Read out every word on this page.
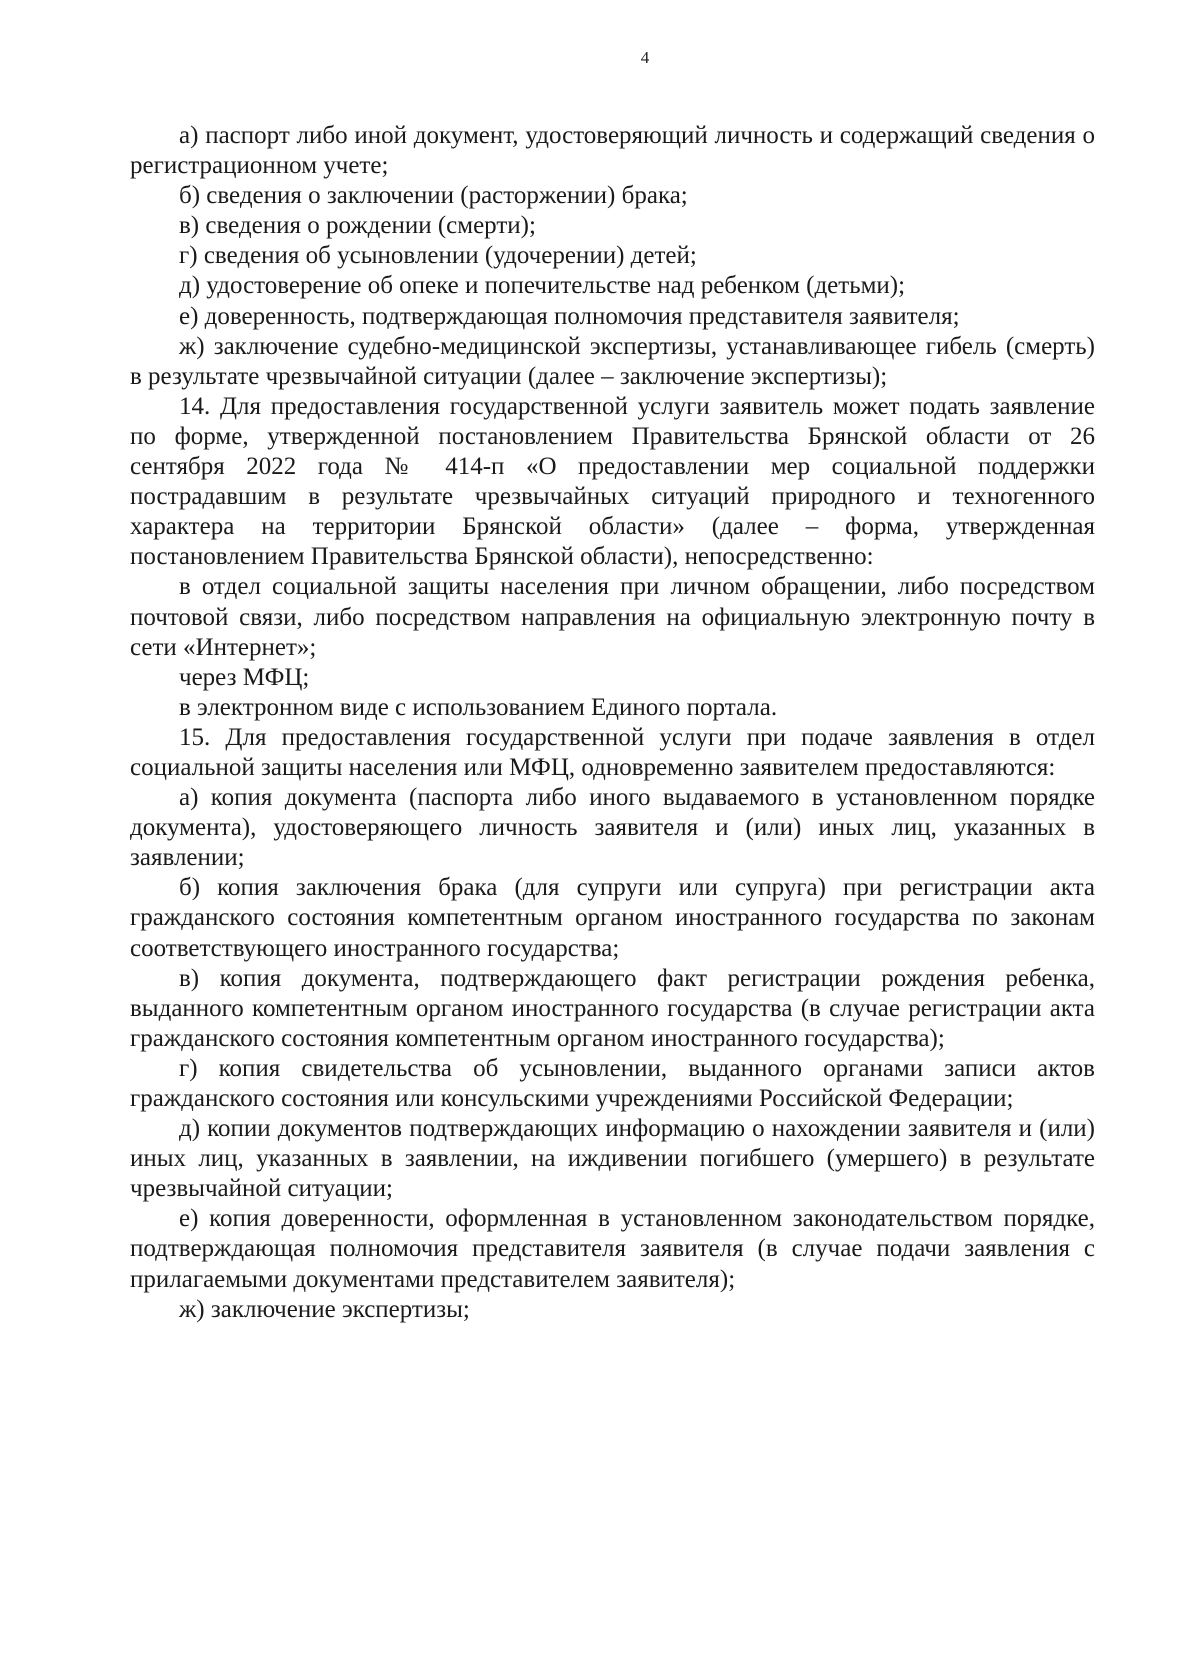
4

а) паспорт либо иной документ, удостоверяющий личность и содержащий сведения о регистрационном учете;

б) сведения о заключении (расторжении) брака;

в) сведения о рождении (смерти);

г) сведения об усыновлении (удочерении) детей;

д) удостоверение об опеке и попечительстве над ребенком (детьми);

е) доверенность, подтверждающая полномочия представителя заявителя;

ж) заключение судебно-медицинской экспертизы, устанавливающее гибель (смерть) в результате чрезвычайной ситуации (далее – заключение экспертизы);

14. Для предоставления государственной услуги заявитель может подать заявление по форме, утвержденной постановлением Правительства Брянской области от 26 сентября 2022 года № 414-п «О предоставлении мер социальной поддержки пострадавшим в результате чрезвычайных ситуаций природного и техногенного характера на территории Брянской области» (далее – форма, утвержденная постановлением Правительства Брянской области), непосредственно:

в отдел социальной защиты населения при личном обращении, либо посредством почтовой связи, либо посредством направления на официальную электронную почту в сети «Интернет»;

через МФЦ;

в электронном виде с использованием Единого портала.

15. Для предоставления государственной услуги при подаче заявления в отдел социальной защиты населения или МФЦ, одновременно заявителем предоставляются:

а) копия документа (паспорта либо иного выдаваемого в установленном порядке документа), удостоверяющего личность заявителя и (или) иных лиц, указанных в заявлении;

б) копия заключения брака (для супруги или супруга) при регистрации акта гражданского состояния компетентным органом иностранного государства по законам соответствующего иностранного государства;

в) копия документа, подтверждающего факт регистрации рождения ребенка, выданного компетентным органом иностранного государства (в случае регистрации акта гражданского состояния компетентным органом иностранного государства);

г) копия свидетельства об усыновлении, выданного органами записи актов гражданского состояния или консульскими учреждениями Российской Федерации;

д) копии документов подтверждающих информацию о нахождении заявителя и (или) иных лиц, указанных в заявлении, на иждивении погибшего (умершего) в результате чрезвычайной ситуации;

е) копия доверенности, оформленная в установленном законодательством порядке, подтверждающая полномочия представителя заявителя (в случае подачи заявления с прилагаемыми документами представителем заявителя);

ж) заключение экспертизы;
